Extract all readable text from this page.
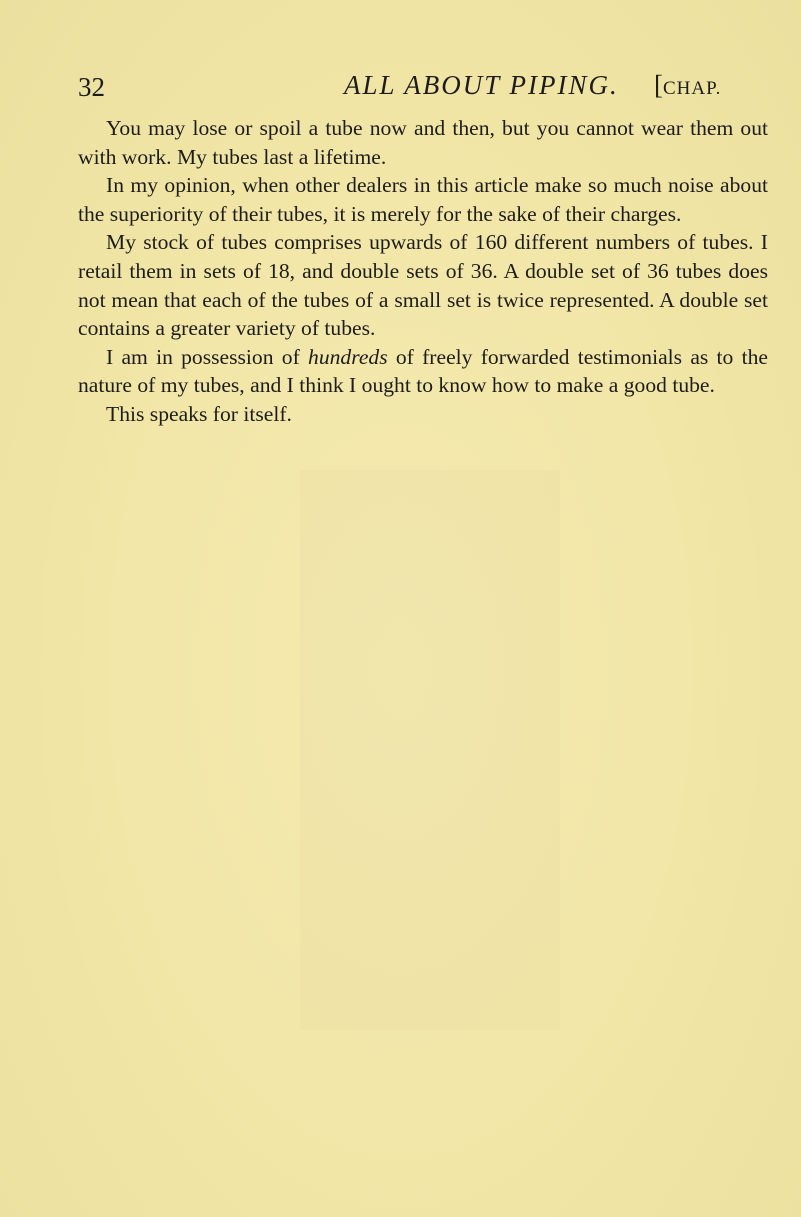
32	ALL ABOUT PIPING. [CHAP.

You may lose or spoil a tube now and then, but you cannot wear them out with work. My tubes last a lifetime.

In my opinion, when other dealers in this article make so much noise about the superiority of their tubes, it is merely for the sake of their charges.

My stock of tubes comprises upwards of 160 different numbers of tubes. I retail them in sets of 18, and double sets of 36. A double set of 36 tubes does not mean that each of the tubes of a small set is twice represented. A double set contains a greater variety of tubes.

I am in possession of hundreds of freely forwarded testimonials as to the nature of my tubes, and I think I ought to know how to make a good tube.

This speaks for itself.
